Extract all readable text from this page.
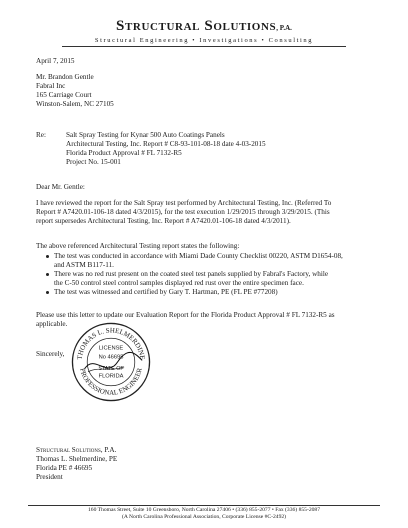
Structural Solutions, P.A.
Structural Engineering • Investigations • Consulting
April 7, 2015
Mr. Brandon Gentle
Fabral Inc
165 Carriage Court
Winston-Salem, NC 27105
Re:	Salt Spray Testing for Kynar 500 Auto Coatings Panels
Architectural Testing, Inc. Report # C8-93-101-08-18 date 4-03-2015
Florida Product Approval # FL 7132-R5
Project No. 15-001
Dear Mr. Gentle:
I have reviewed the report for the Salt Spray test performed by Architectural Testing, Inc. (Referred To
Report # A7420.01-106-18 dated 4/3/2015), for the test execution 1/29/2015 through 3/29/2015. (This
report supersedes Architectural Testing, Inc. Report # A7420.01-106-18 dated 4/3/2011).
The above referenced Architectural Testing report states the following:
The test was conducted in accordance with Miami Dade County Checklist 00220, ASTM D1654-08,
and ASTM B117-11.
There was no red rust present on the coated steel test panels supplied by Fabral's Factory, while
the C-50 control steel control samples displayed red rust over the entire specimen face.
The test was witnessed and certified by Gary T. Hartman, PE (FL PE #77208)
Please use this letter to update our Evaluation Report for the Florida Product Approval # FL 7132-R5 as
applicable.
Sincerely, THOMAS L. SHELMERDINE
PROFESSIONAL ENGINEER
LICENSE
No 46695
STATE OF
FLORIDA
Structural Solutions, P.A.
Thomas L. Shelmerdine, PE
Florida PE # 46695
President
160 Thomas Street, Suite 10 Greensboro, North Carolina 27406 • (336) 855-2077 • Fax (336) 855-2087
(A North Carolina Professional Association, Corporate License #C-2492)
